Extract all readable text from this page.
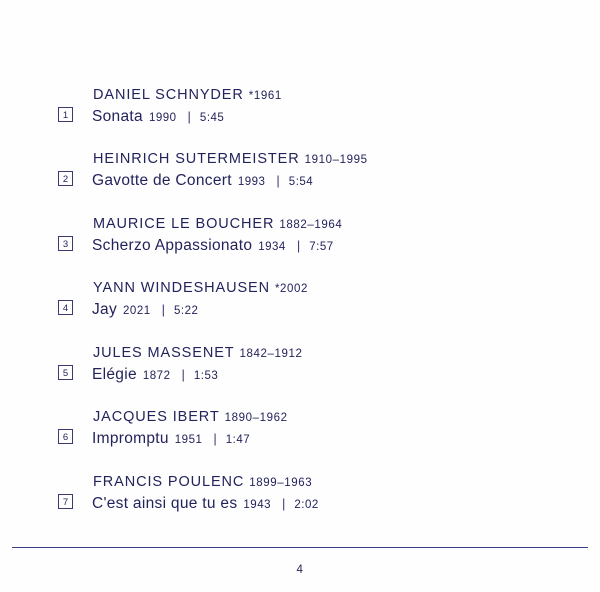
DANIEL SCHNYDER *1961
1	Sonata 1990 | 5:45
HEINRICH SUTERMEISTER 1910–1995
2	Gavotte de Concert 1993 | 5:54
MAURICE LE BOUCHER 1882–1964
3	Scherzo Appassionato 1934 | 7:57
YANN WINDESHAUSEN *2002
4	Jay 2021 | 5:22
JULES MASSENET 1842–1912
5	Elégie 1872 | 1:53
JACQUES IBERT 1890–1962
6	Impromptu 1951 | 1:47
FRANCIS POULENC 1899–1963
7	C'est ainsi que tu es 1943 | 2:02
4
